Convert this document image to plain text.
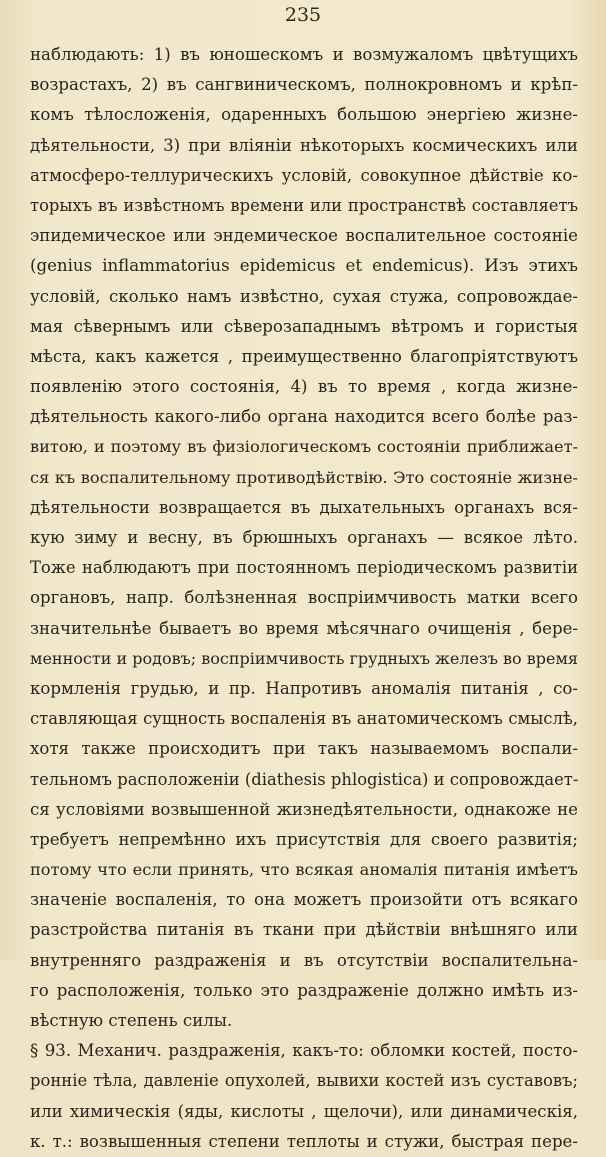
235
наблюдають: 1) въ юношескомъ и возмужаломъ цвѣтущихъ
возрастахъ, 2) въ сангвиническомъ, полнокровномъ и крѣп-
комъ тѣлосложенія, одаренныхъ большою энергіею жизне-
дѣятельности, 3) при вліяніи нѣкоторыхъ космическихъ или
атмосферо-теллурическихъ условій, совокупное дѣйствіе ко-
торыхъ въ извѣстномъ времени или пространствѣ составляетъ
эпидемическое или эндемическое воспалительное состояніе
(genius inflammatorius epidemicus et endemicus). Изъ этихъ
условій, сколько намъ извѣстно, сухая стужа, сопровождае-
мая сѣвернымъ или сѣверозападнымъ вѣтромъ и гористыя
мѣста, какъ кажется , преимущественно благопріятствуютъ
появленію этого состоянія, 4) въ то время , когда жизне-
дѣятельность какого-либо органа находится всего болѣе раз-
витою, и поэтому въ физіологическомъ состояніи приближает-
ся къ воспалительному противодѣйствію. Это состояніе жизне-
дѣятельности возвращается въ дыхательныхъ органахъ вся-
кую зиму и весну, въ брюшныхъ органахъ — всякое лѣто.
Тоже наблюдаютъ при постоянномъ періодическомъ развитіи
органовъ, напр. болѣзненная воспріимчивость матки всего
значительнѣе бываетъ во время мѣсячнаго очищенія , бере-
менности и родовъ; воспріимчивость грудныхъ железъ во время
кормленія грудью, и пр. Напротивъ аномалія питанія , со-
ставляющая сущность воспаленія въ анатомическомъ смыслѣ,
хотя также происходитъ при такъ называемомъ воспали-
тельномъ расположеніи (diathesis phlogistica) и сопровождает-
ся условіями возвышенной жизнедѣятельности, однакоже не
требуетъ непремѣнно ихъ присутствія для своего развитія;
потому что если принять, что всякая аномалія питанія имѣетъ
значеніе воспаленія, то она можетъ произойти отъ всякаго
разстройства питанія въ ткани при дѣйствіи внѣшняго или
внутренняго раздраженія и въ отсутствіи воспалительна-
го расположенія, только это раздраженіе должно имѣть из-
вѣстную степень силы.
§ 93. Механич. раздраженія, какъ-то: обломки костей, посто-
ронніе тѣла, давленіе опухолей, вывихи костей изъ суставовъ;
или химическія (яды, кислоты , щелочи), или динамическія,
к. т.: возвышенныя степени теплоты и стужи, быстрая пере-
